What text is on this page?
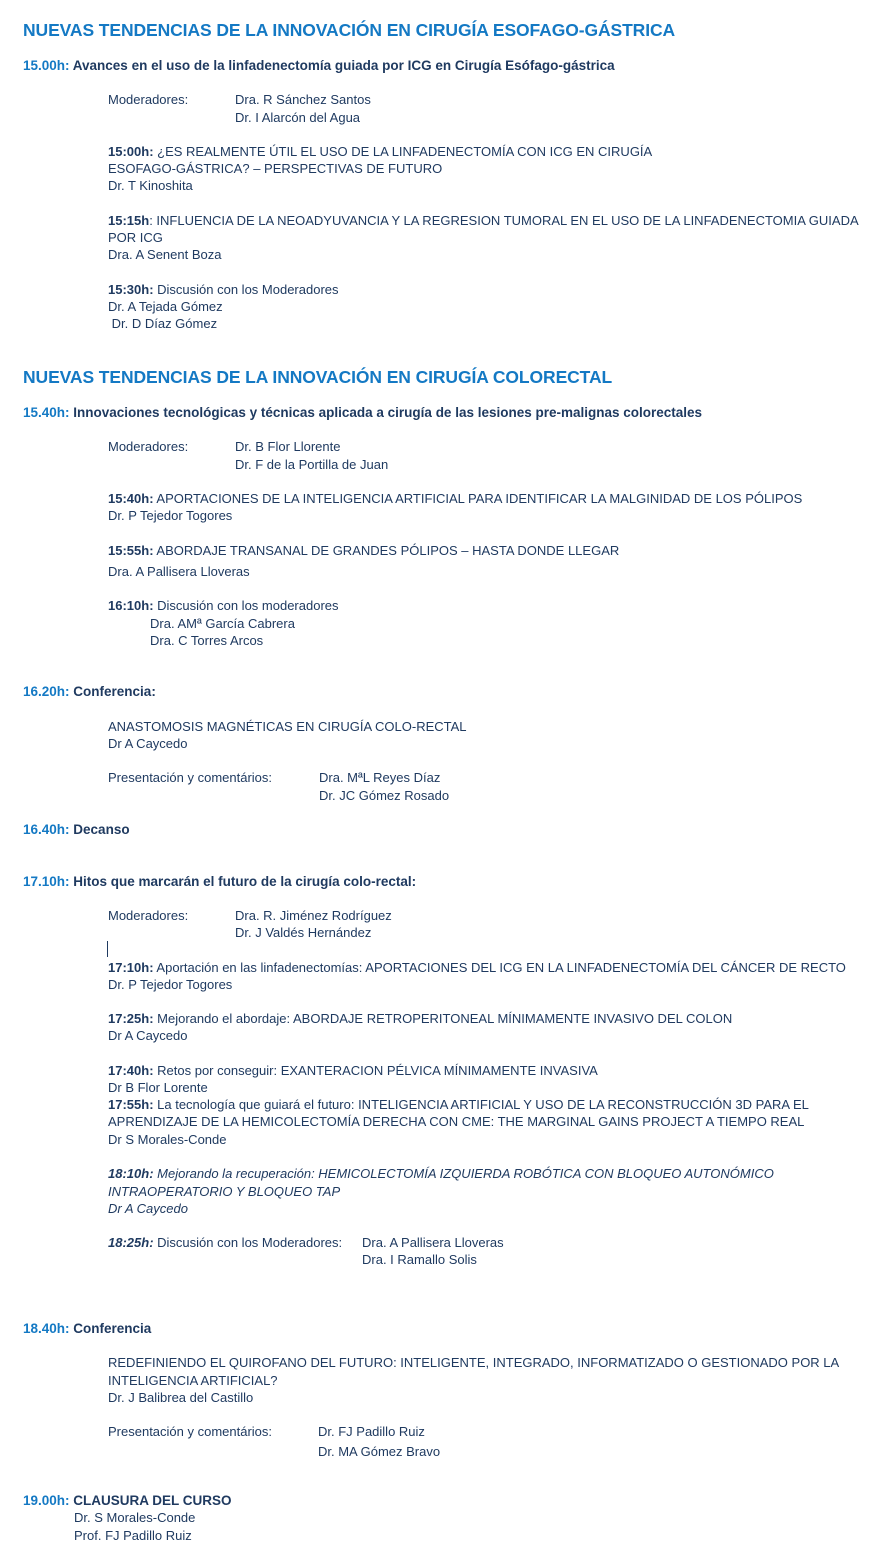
NUEVAS TENDENCIAS DE LA INNOVACIÓN EN CIRUGÍA ESOFAGO-GÁSTRICA
15.00h: Avances en el uso de la linfadenectomía guiada por ICG en Cirugía Esófago-gástrica
Moderadores:	Dra. R Sánchez Santos
Dr. I Alarcón del Agua
15:00h: ¿ES REALMENTE ÚTIL EL USO DE LA LINFADENECTOMÍA CON ICG EN CIRUGÍA
ESOFAGO-GÁSTRICA? – PERSPECTIVAS DE FUTURO
Dr. T Kinoshita
15:15h: INFLUENCIA DE LA NEOADYUVANCIA Y LA REGRESION TUMORAL EN EL USO DE LA LINFADENECTOMIA GUIADA
POR ICG
Dra. A Senent Boza
15:30h: Discusión con los Moderadores
Dr. A Tejada Gómez
Dr. D Díaz Gómez
NUEVAS TENDENCIAS DE LA INNOVACIÓN EN CIRUGÍA COLORECTAL
15.40h: Innovaciones tecnológicas y técnicas aplicada a cirugía de las lesiones pre-malignas colorectales
Moderadores:	Dr. B Flor Llorente
Dr. F de la Portilla de Juan
15:40h: APORTACIONES DE LA INTELIGENCIA ARTIFICIAL PARA IDENTIFICAR LA MALGINIDAD DE LOS PÓLIPOS
Dr. P Tejedor Togores
15:55h: ABORDAJE TRANSANAL DE GRANDES PÓLIPOS – HASTA DONDE LLEGAR
Dra. A Pallisera Lloveras
16:10h: Discusión con los moderadores
Dra. AMª García Cabrera
Dra. C Torres Arcos
16.20h: Conferencia:
ANASTOMOSIS MAGNÉTICAS EN CIRUGÍA COLO-RECTAL
Dr A Caycedo
Presentación y comentários:	Dra. MªL Reyes Díaz
Dr. JC Gómez Rosado
16.40h: Decanso
17.10h: Hitos que marcarán el futuro de la cirugía colo-rectal:
Moderadores:	Dra. R. Jiménez Rodríguez
Dr. J Valdés Hernández
17:10h: Aportación en las linfadenectomías: APORTACIONES DEL ICG EN LA LINFADENECTOMÍA DEL CÁNCER DE RECTO
Dr. P Tejedor Togores
17:25h: Mejorando el abordaje: ABORDAJE RETROPERITONEAL MÍNIMAMENTE INVASIVO DEL COLON
Dr A Caycedo
17:40h: Retos por conseguir: EXANTERACION PÉLVICA MÍNIMAMENTE INVASIVA
Dr B Flor Lorente
17:55h: La tecnología que guiará el futuro: INTELIGENCIA ARTIFICIAL Y USO DE LA RECONSTRUCCIÓN 3D PARA EL
APRENDIZAJE DE LA HEMICOLECTOMÍA DERECHA CON CME: THE MARGINAL GAINS PROJECT A TIEMPO REAL
Dr S Morales-Conde
18:10h: Mejorando la recuperación: HEMICOLECTOMÍA IZQUIERDA ROBÓTICA CON BLOQUEO AUTONÓMICO
INTRAOPERATORIO Y BLOQUEO TAP
Dr A Caycedo
18:25h: Discusión con los Moderadores: Dra. A Pallisera Lloveras
Dra. I Ramallo Solis
18.40h: Conferencia
REDEFINIENDO EL QUIROFANO DEL FUTURO: INTELIGENTE, INTEGRADO, INFORMATIZADO O GESTIONADO POR LA
INTELIGENCIA ARTIFICIAL?
Dr. J Balibrea del Castillo
Presentación y comentários:	Dr. FJ Padillo Ruiz
Dr. MA Gómez Bravo
19.00h: CLAUSURA DEL CURSO
Dr. S Morales-Conde
Prof. FJ Padillo Ruiz
